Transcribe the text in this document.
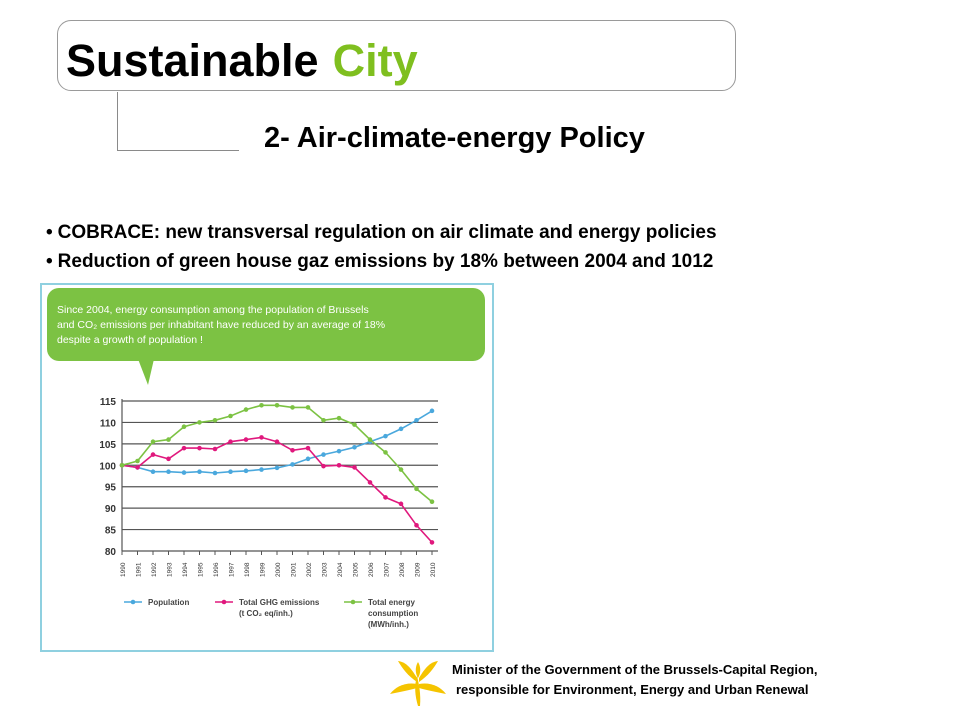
Sustainable City
2- Air-climate-energy Policy
• COBRACE: new transversal regulation on air climate and energy policies
• Reduction of green house gaz emissions by 18% between 2004 and 1012
Since 2004, energy consumption among the population of Brussels
and CO₂ emissions per inhabitant have reduced by an average of 18%
despite a growth of population !
80
85
90
95
100
105
110
115
1990 1991 1992 1993 1994 1995 1996 1997 1998 1999 2000 2001 2002 2003 2004 2005 2006 2007 2008 2009 2010
Population	Total GHG emissions
(t CO₂ eq/inh.)
Total energy
consumption
(MWh/inh.)
Minister of the Government of the Brussels-Capital Region,
responsible for Environment, Energy and Urban Renewal
